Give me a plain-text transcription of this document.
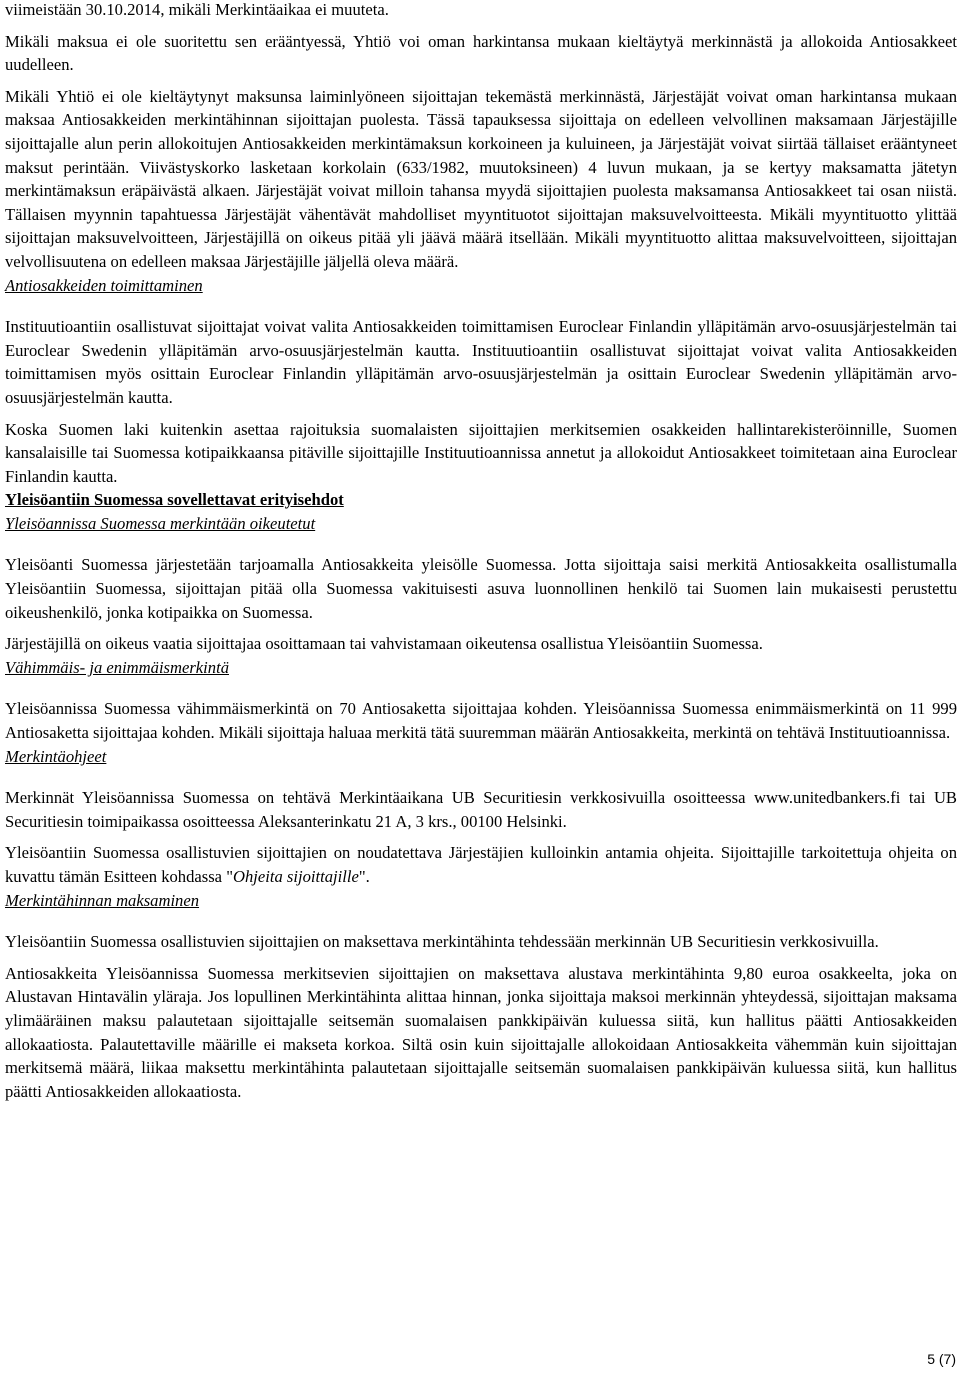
viimeistään 30.10.2014, mikäli Merkintäaikaa ei muuteta.

Mikäli maksua ei ole suoritettu sen erääntyessä, Yhtiö voi oman harkintansa mukaan kieltäytyä merkinnästä ja allokoida Antiosakkeet uudelleen.

Mikäli Yhtiö ei ole kieltäytynyt maksunsa laiminlyöneen sijoittajan tekemästä merkinnästä, Järjestäjät voivat oman harkintansa mukaan maksaa Antiosakkeiden merkintähinnan sijoittajan puolesta. Tässä tapauksessa sijoittaja on edelleen velvollinen maksamaan Järjestäjille sijoittajalle alun perin allokoitujen Antiosakkeiden merkintämaksun korkoineen ja kuluineen, ja Järjestäjät voivat siirtää tällaiset erääntyneet maksut perintään. Viivästyskorko lasketaan korkolain (633/1982, muutoksineen) 4 luvun mukaan, ja se kertyy maksamatta jätetyn merkintämaksun eräpäivästä alkaen. Järjestäjät voivat milloin tahansa myydä sijoittajien puolesta maksamansa Antiosakkeet tai osan niistä. Tällaisen myynnin tapahtuessa Järjestäjät vähentävät mahdolliset myyntituotot sijoittajan maksuvelvoitteesta. Mikäli myyntituotto ylittää sijoittajan maksuvelvoitteen, Järjestäjillä on oikeus pitää yli jäävä määrä itsellään. Mikäli myyntituotto alittaa maksuvelvoitteen, sijoittajan velvollisuutena on edelleen maksaa Järjestäjille jäljellä oleva määrä.

Antiosakkeiden toimittaminen

Instituutioantiin osallistuvat sijoittajat voivat valita Antiosakkeiden toimittamisen Euroclear Finlandin ylläpitämän arvo-osuusjärjestelmän tai Euroclear Swedenin ylläpitämän arvo-osuusjärjestelmän kautta. Instituutioantiin osallistuvat sijoittajat voivat valita Antiosakkeiden toimittamisen myös osittain Euroclear Finlandin ylläpitämän arvo-osuusjärjestelmän ja osittain Euroclear Swedenin ylläpitämän arvo-osuusjärjestelmän kautta.

Koska Suomen laki kuitenkin asettaa rajoituksia suomalaisten sijoittajien merkitsemien osakkeiden hallintarekisteröinnille, Suomen kansalaisille tai Suomessa kotipaikkaansa pitäville sijoittajille Instituutioannissa annetut ja allokoidut Antiosakkeet toimitetaan aina Euroclear Finlandin kautta.

Yleisöantiin Suomessa sovellettavat erityisehdot

Yleisöannissa Suomessa merkintään oikeutetut

Yleisöanti Suomessa järjestetään tarjoamalla Antiosakkeita yleisölle Suomessa. Jotta sijoittaja saisi merkitä Antiosakkeita osallistumalla Yleisöantiin Suomessa, sijoittajan pitää olla Suomessa vakituisesti asuva luonnollinen henkilö tai Suomen lain mukaisesti perustettu oikeushenkilö, jonka kotipaikka on Suomessa.

Järjestäjillä on oikeus vaatia sijoittajaa osoittamaan tai vahvistamaan oikeutensa osallistua Yleisöantiin Suomessa.

Vähimmäis- ja enimmäismerkintä

Yleisöannissa Suomessa vähimmäismerkintä on 70 Antiosaketta sijoittajaa kohden. Yleisöannissa Suomessa enimmäismerkintä on 11 999 Antiosaketta sijoittajaa kohden. Mikäli sijoittaja haluaa merkitä tätä suuremman määrän Antiosakkeita, merkintä on tehtävä Instituutioannissa.

Merkintäohjeet

Merkinnät Yleisöannissa Suomessa on tehtävä Merkintäaikana UB Securitiesin verkkosivuilla osoitteessa www.unitedbankers.fi tai UB Securitiesin toimipaikassa osoitteessa Aleksanterinkatu 21 A, 3 krs., 00100 Helsinki.

Yleisöantiin Suomessa osallistuvien sijoittajien on noudatettava Järjestäjien kulloinkin antamia ohjeita. Sijoittajille tarkoitettuja ohjeita on kuvattu tämän Esitteen kohdassa "Ohjeita sijoittajille".

Merkintähinnan maksaminen

Yleisöantiin Suomessa osallistuvien sijoittajien on maksettava merkintähinta tehdessään merkinnän UB Securitiesin verkkosivuilla.

Antiosakkeita Yleisöannissa Suomessa merkitsevien sijoittajien on maksettava alustava merkintähinta 9,80 euroa osakkeelta, joka on Alustavan Hintavälin yläraja. Jos lopullinen Merkintähinta alittaa hinnan, jonka sijoittaja maksoi merkinnän yhteydessä, sijoittajan maksama ylimääräinen maksu palautetaan sijoittajalle seitsemän suomalaisen pankkipäivän kuluessa siitä, kun hallitus päätti Antiosakkeiden allokaatiosta. Palautettaville määrille ei makseta korkoa. Siltä osin kuin sijoittajalle allokoidaan Antiosakkeita vähemmän kuin sijoittajan merkitsemä määrä, liikaa maksettu merkintähinta palautetaan sijoittajalle seitsemän suomalaisen pankkipäivän kuluessa siitä, kun hallitus päätti Antiosakkeiden allokaatiosta.

5 (7)
